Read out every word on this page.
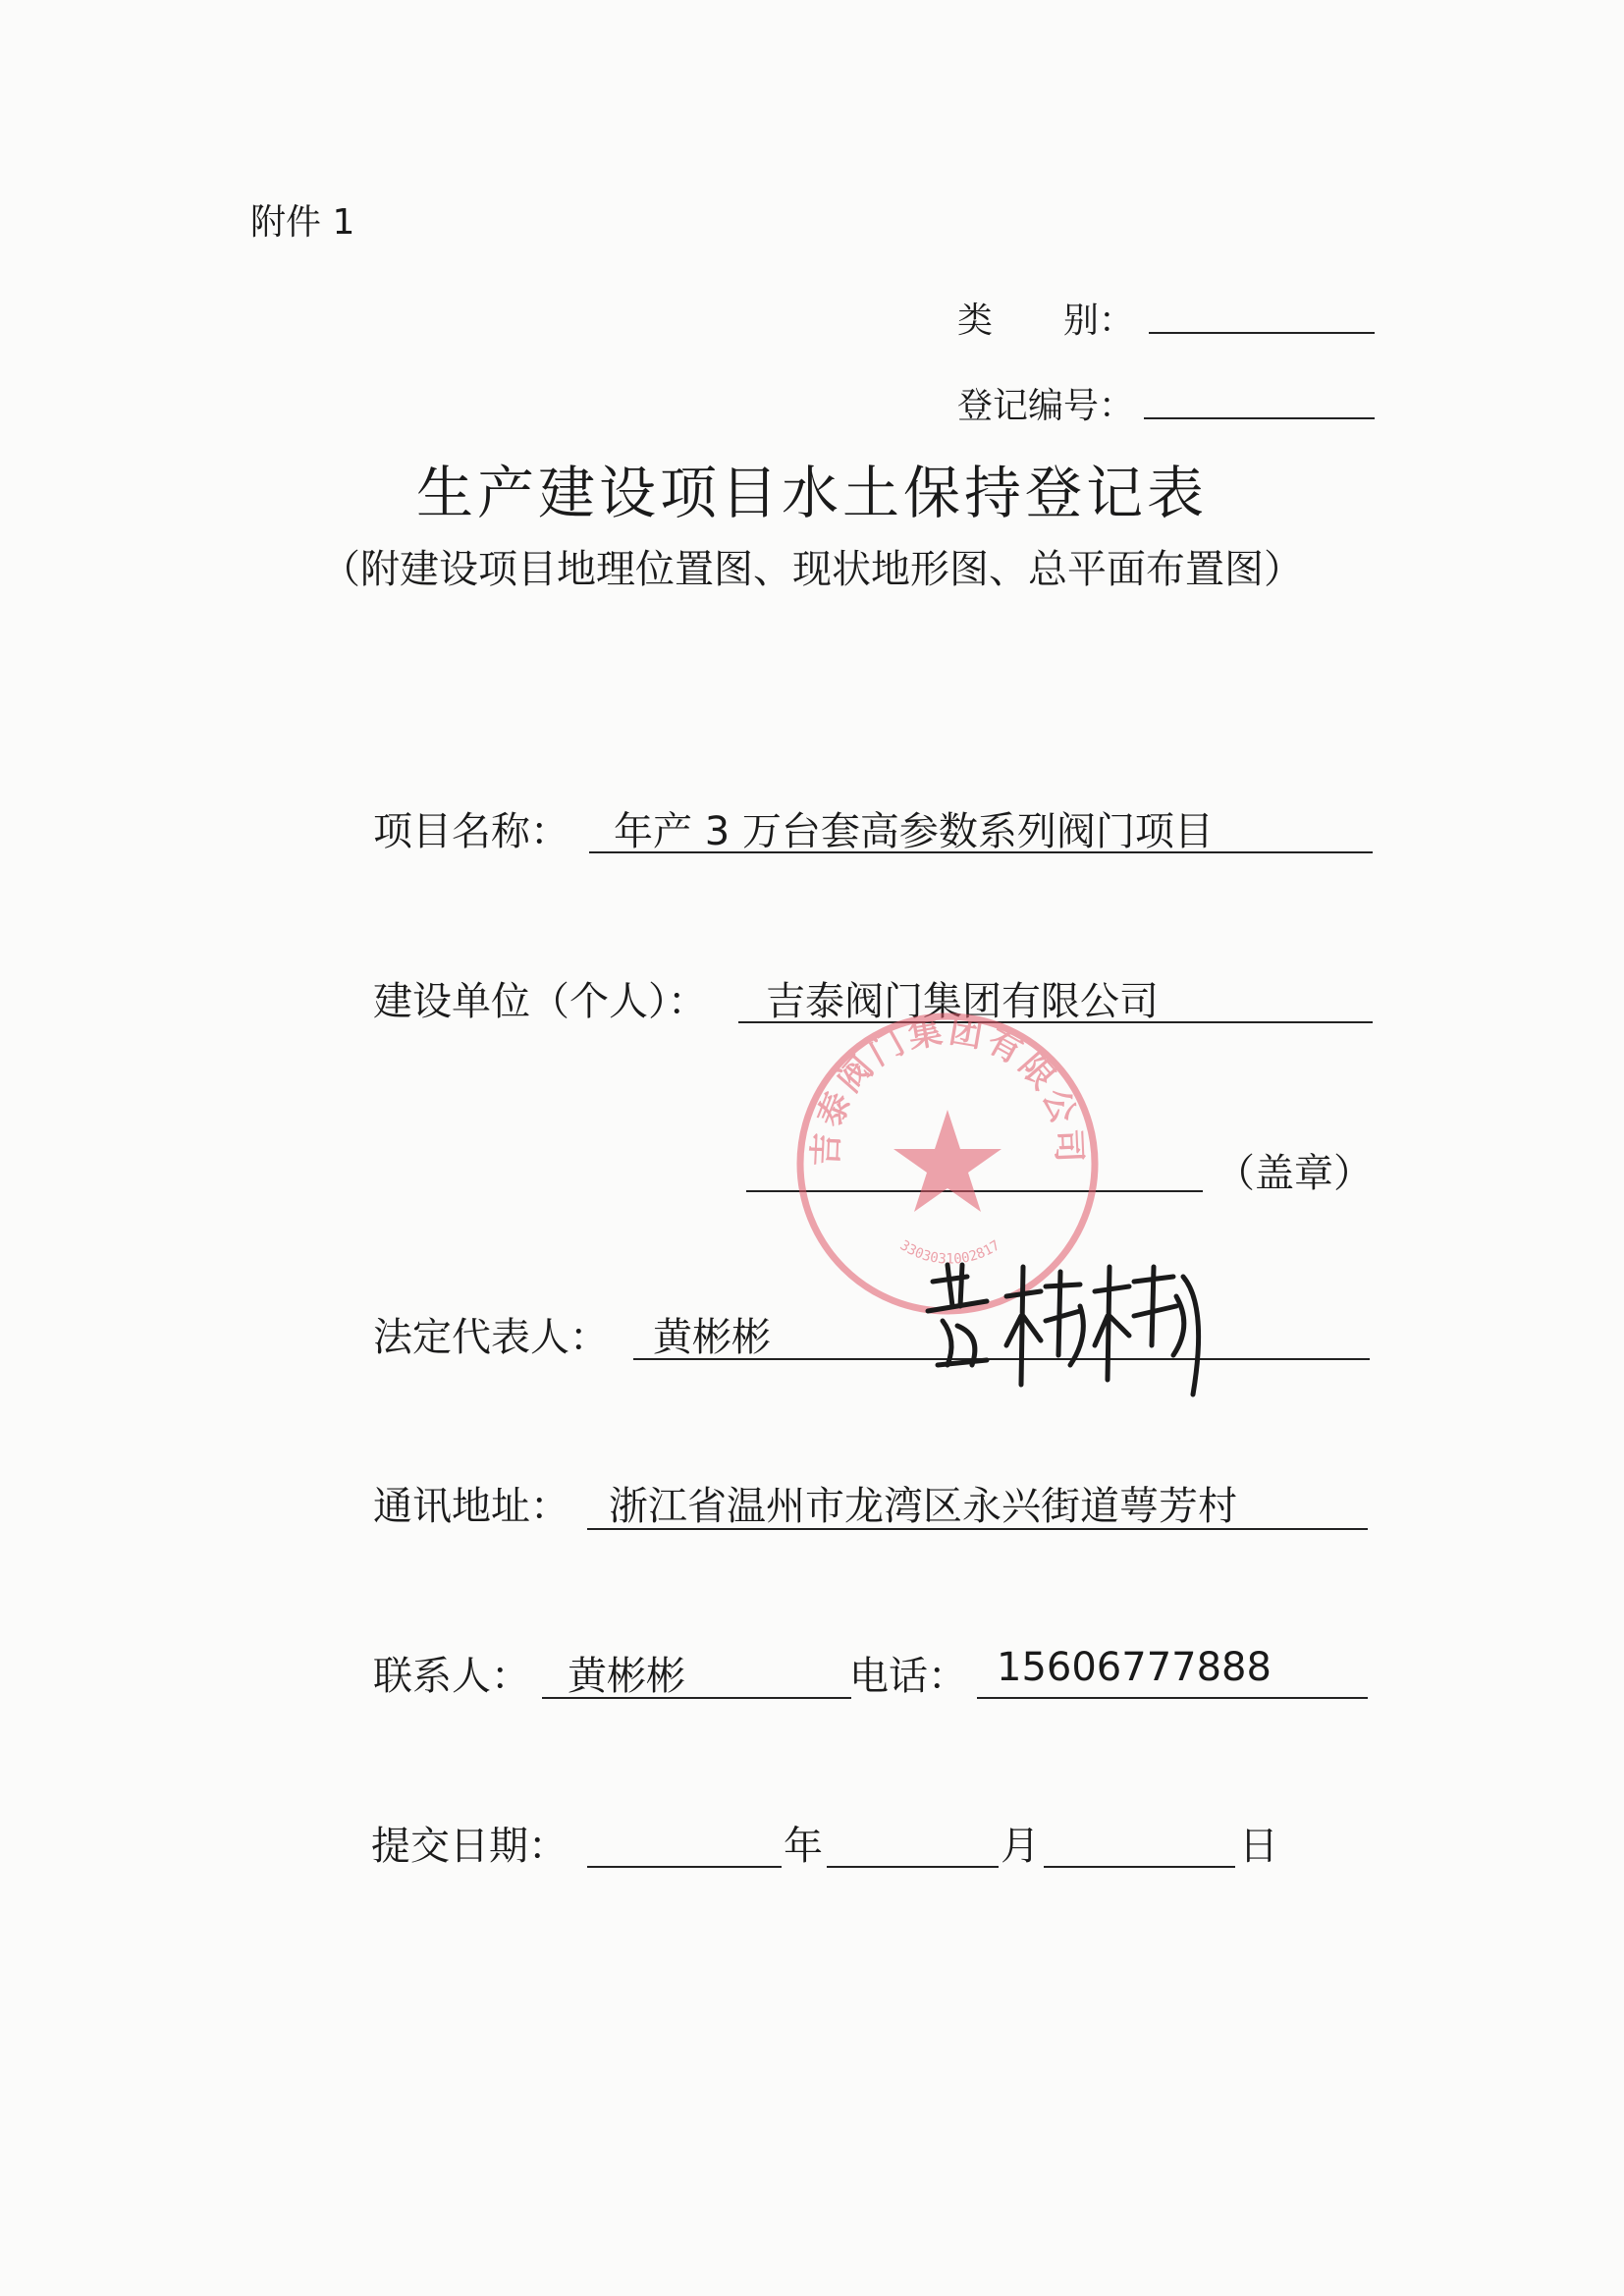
附件 1
类　　别：
登记编号：
生产建设项目水土保持登记表
（附建设项目地理位置图、现状地形图、总平面布置图）
项目名称： 年产 3 万台套高参数系列阀门项目
建设单位（个人）： 吉泰阀门集团有限公司
（盖章）
吉泰阀门集团有限公司
3303031002817
法定代表人： 黄彬彬
通讯地址： 浙江省温州市龙湾区永兴街道萼芳村
联系人： 黄彬彬	电话： 15606777888
提交日期：	年	月	日
